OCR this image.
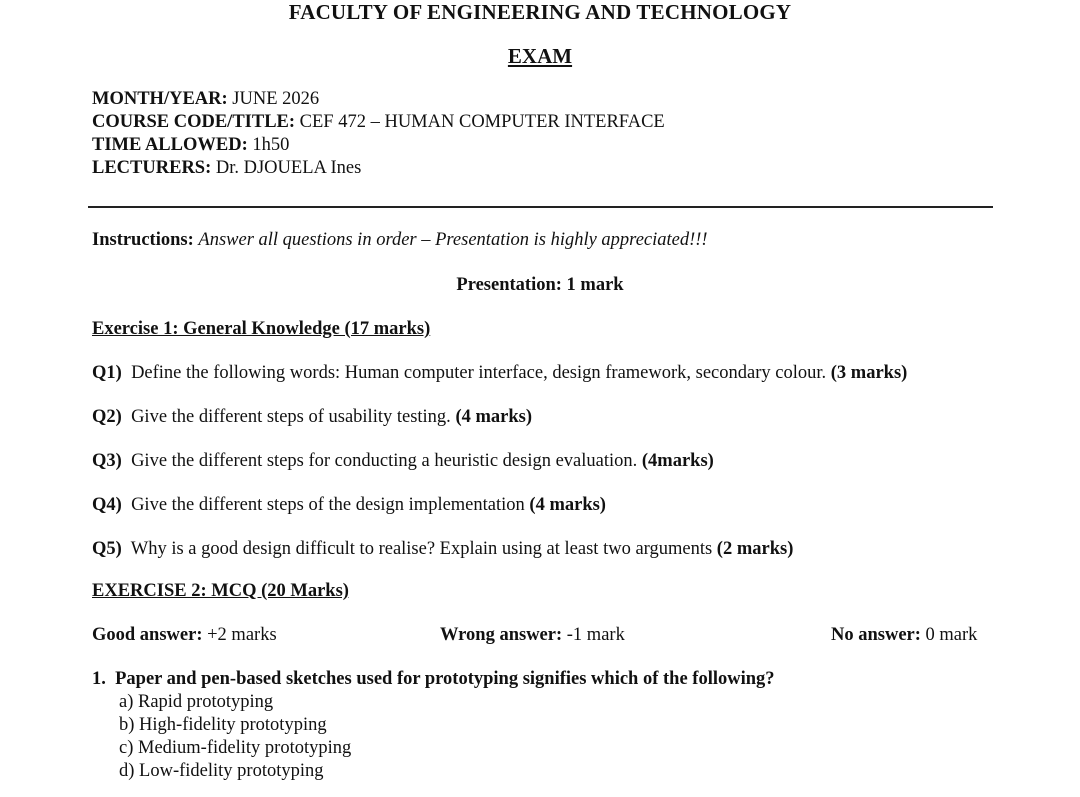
FACULTY OF ENGINEERING AND TECHNOLOGY
EXAM
MONTH/YEAR: JUNE 2026
COURSE CODE/TITLE: CEF 472 – HUMAN COMPUTER INTERFACE
TIME ALLOWED: 1h50
LECTURERS: Dr. DJOUELA Ines
Instructions: Answer all questions in order – Presentation is highly appreciated!!!
Presentation: 1 mark
Exercise 1: General Knowledge (17 marks)
Q1) Define the following words: Human computer interface, design framework, secondary colour. (3 marks)
Q2) Give the different steps of usability testing. (4 marks)
Q3) Give the different steps for conducting a heuristic design evaluation. (4marks)
Q4) Give the different steps of the design implementation (4 marks)
Q5) Why is a good design difficult to realise? Explain using at least two arguments (2 marks)
EXERCISE 2: MCQ (20 Marks)
Good answer: +2 marks	Wrong answer: -1 mark	No answer: 0 mark
1. Paper and pen-based sketches used for prototyping signifies which of the following?
a) Rapid prototyping
b) High-fidelity prototyping
c) Medium-fidelity prototyping
d) Low-fidelity prototyping
